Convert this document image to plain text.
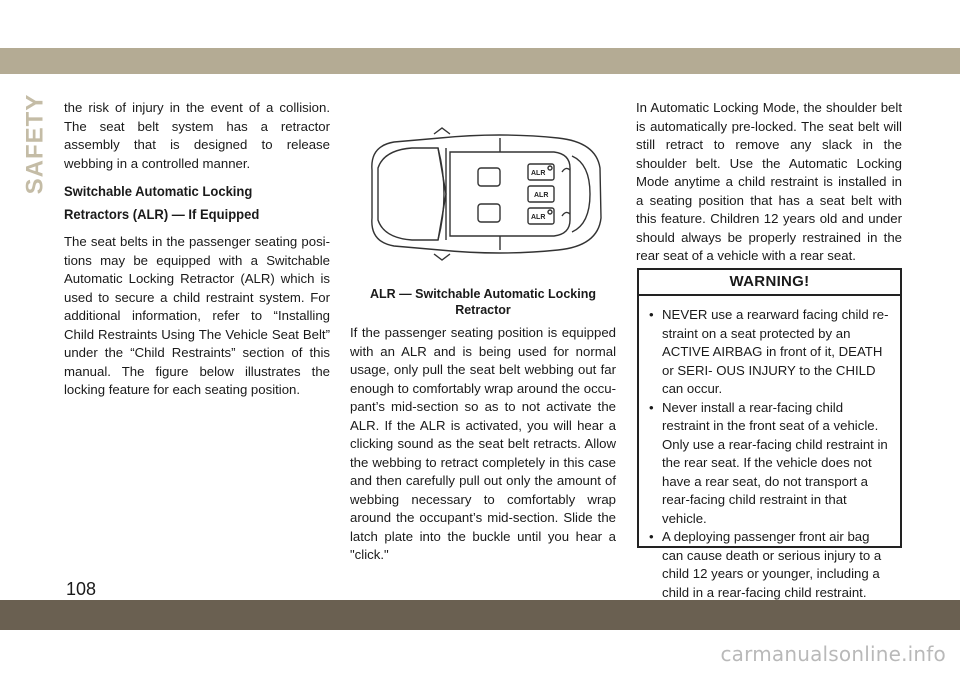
SAFETY the risk of injury in the event of a collision. The seat belt system has a retractor assembly that is designed to release webbing in a controlled manner.

Switchable Automatic Locking Retractors (ALR) — If Equipped

The seat belts in the passenger seating posi- tions may be equipped with a Switchable Automatic Locking Retractor (ALR) which is used to secure a child restraint system. For additional information, refer to “Installing Child Restraints Using The Vehicle Seat Belt” under the “Child Restraints” section of this manual. The figure below illustrates the locking feature for each seating position.

ALR
ALR
ALR
ALR — Switchable Automatic Locking Retractor

If the passenger seating position is equipped with an ALR and is being used for normal usage, only pull the seat belt webbing out far enough to comfortably wrap around the occu- pant’s mid-section so as to not activate the ALR. If the ALR is activated, you will hear a clicking sound as the seat belt retracts. Allow the webbing to retract completely in this case and then carefully pull out only the amount of webbing necessary to comfortably wrap around the occupant’s mid-section. Slide the latch plate into the buckle until you hear a "click."

In Automatic Locking Mode, the shoulder belt is automatically pre-locked. The seat belt will still retract to remove any slack in the shoulder belt. Use the Automatic Locking Mode anytime a child restraint is installed in a seating position that has a seat belt with this feature. Children 12 years old and under should always be properly restrained in the rear seat of a vehicle with a rear seat.

WARNING!
• NEVER use a rearward facing child re- straint on a seat protected by an ACTIVE AIRBAG in front of it, DEATH or SERI- OUS INJURY to the CHILD can occur.
• Never install a rear-facing child restraint in the front seat of a vehicle. Only use a rear-facing child restraint in the rear seat. If the vehicle does not have a rear seat, do not transport a rear-facing child restraint in that vehicle.
• A deploying passenger front air bag can cause death or serious injury to a child 12 years or younger, including a child in a rear-facing child restraint.
108
carmanualsonline.info
